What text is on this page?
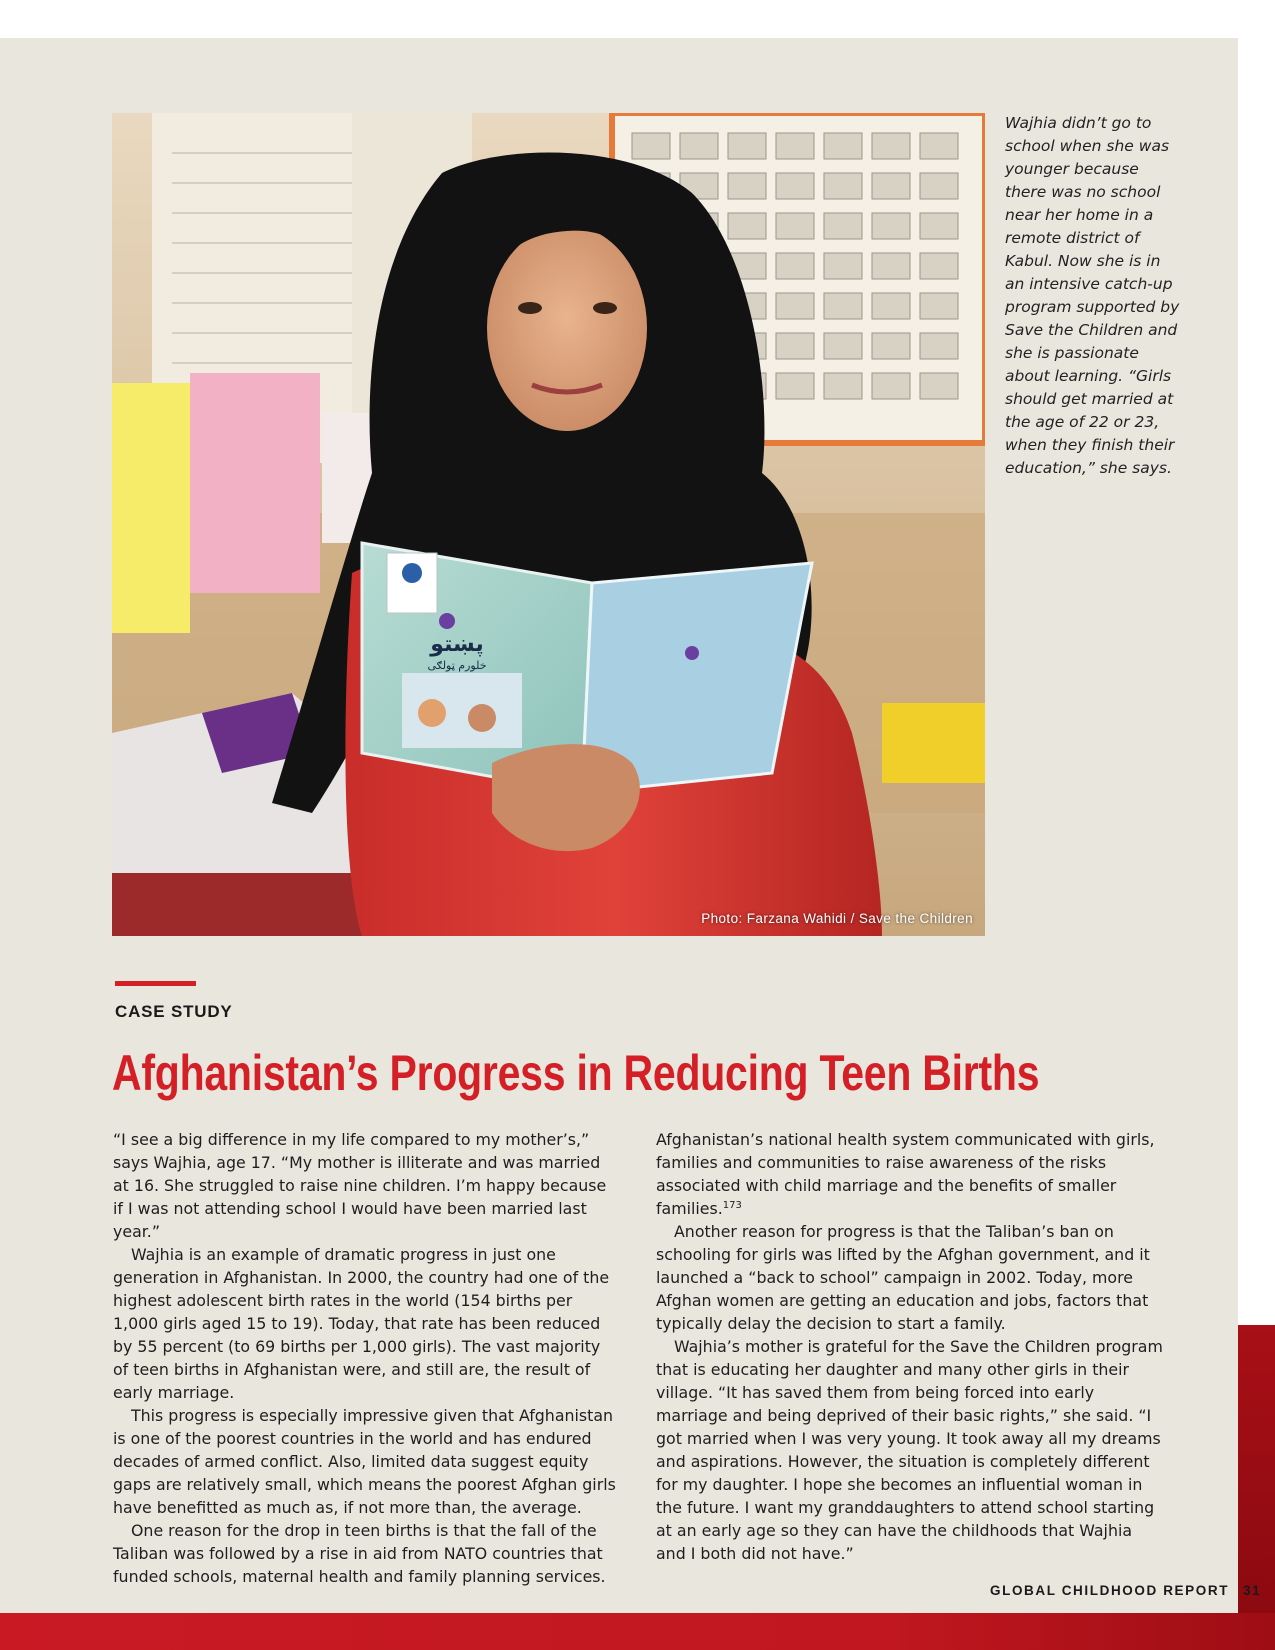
پښتو
خلورم ټولګی
Photo: Farzana Wahidi / Save the Children
Wajhia didn’t go to school when she was younger because there was no school near her home in a remote district of Kabul. Now she is in an intensive catch-up program supported by Save the Children and she is passionate about learning. “Girls should get married at the age of 22 or 23, when they finish their education,” she says.
CASE STUDY
Afghanistan’s Progress in Reducing Teen Births

“I see a big difference in my life compared to my mother’s,” says Wajhia, age 17. “My mother is illiterate and was married at 16. She struggled to raise nine children. I’m happy because if I was not attending school I would have been married last year.”

Wajhia is an example of dramatic progress in just one generation in Afghanistan. In 2000, the country had one of the highest adolescent birth rates in the world (154 births per 1,000 girls aged 15 to 19). Today, that rate has been reduced by 55 percent (to 69 births per 1,000 girls). The vast majority of teen births in Afghanistan were, and still are, the result of early marriage.

This progress is especially impressive given that Afghanistan is one of the poorest countries in the world and has endured decades of armed conflict. Also, limited data suggest equity gaps are relatively small, which means the poorest Afghan girls have benefitted as much as, if not more than, the average.

One reason for the drop in teen births is that the fall of the Taliban was followed by a rise in aid from NATO countries that funded schools, maternal health and family planning services.

Afghanistan’s national health system communicated with girls, families and communities to raise awareness of the risks associated with child marriage and the benefits of smaller families.$^{173}$

Another reason for progress is that the Taliban’s ban on schooling for girls was lifted by the Afghan government, and it launched a “back to school” campaign in 2002. Today, more Afghan women are getting an education and jobs, factors that typically delay the decision to start a family.

Wajhia’s mother is grateful for the Save the Children program that is educating her daughter and many other girls in their village. “It has saved them from being forced into early marriage and being deprived of their basic rights,” she said. “I got married when I was very young. It took away all my dreams and aspirations. However, the situation is completely different for my daughter. I hope she becomes an influential woman in the future. I want my granddaughters to attend school starting at an early age so they can have the childhoods that Wajhia and I both did not have.”

GLOBAL CHILDHOOD REPORT 31
